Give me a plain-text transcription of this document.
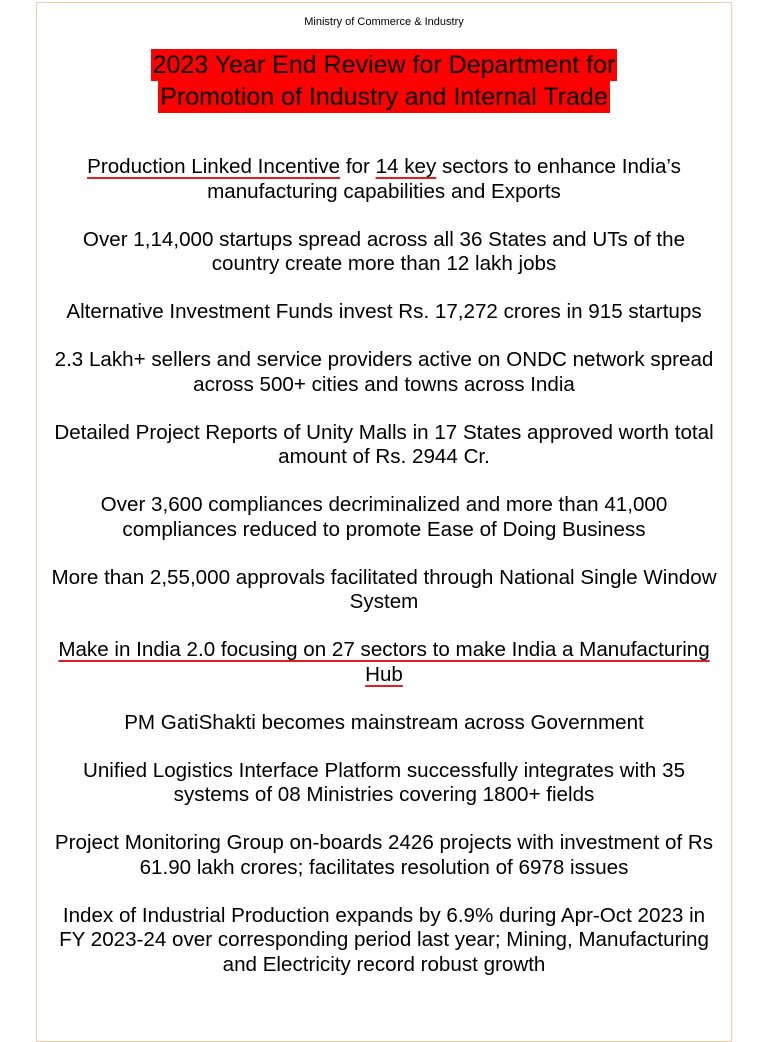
Ministry of Commerce & Industry
2023 Year End Review for Department for
Promotion of Industry and Internal Trade
Production Linked Incentive for 14 key sectors to enhance India’s manufacturing capabilities and Exports
Over 1,14,000 startups spread across all 36 States and UTs of the country create more than 12 lakh jobs
Alternative Investment Funds invest Rs. 17,272 crores in 915 startups
2.3 Lakh+ sellers and service providers active on ONDC network spread across 500+ cities and towns across India
Detailed Project Reports of Unity Malls in 17 States approved worth total amount of Rs. 2944 Cr.
Over 3,600 compliances decriminalized and more than 41,000 compliances reduced to promote Ease of Doing Business
More than 2,55,000 approvals facilitated through National Single Window System
Make in India 2.0 focusing on 27 sectors to make India a Manufacturing Hub
PM GatiShakti becomes mainstream across Government
Unified Logistics Interface Platform successfully integrates with 35 systems of 08 Ministries covering 1800+ fields
Project Monitoring Group on-boards 2426 projects with investment of Rs 61.90 lakh crores; facilitates resolution of 6978 issues
Index of Industrial Production expands by 6.9% during Apr-Oct 2023 in FY 2023-24 over corresponding period last year; Mining, Manufacturing and Electricity record robust growth
